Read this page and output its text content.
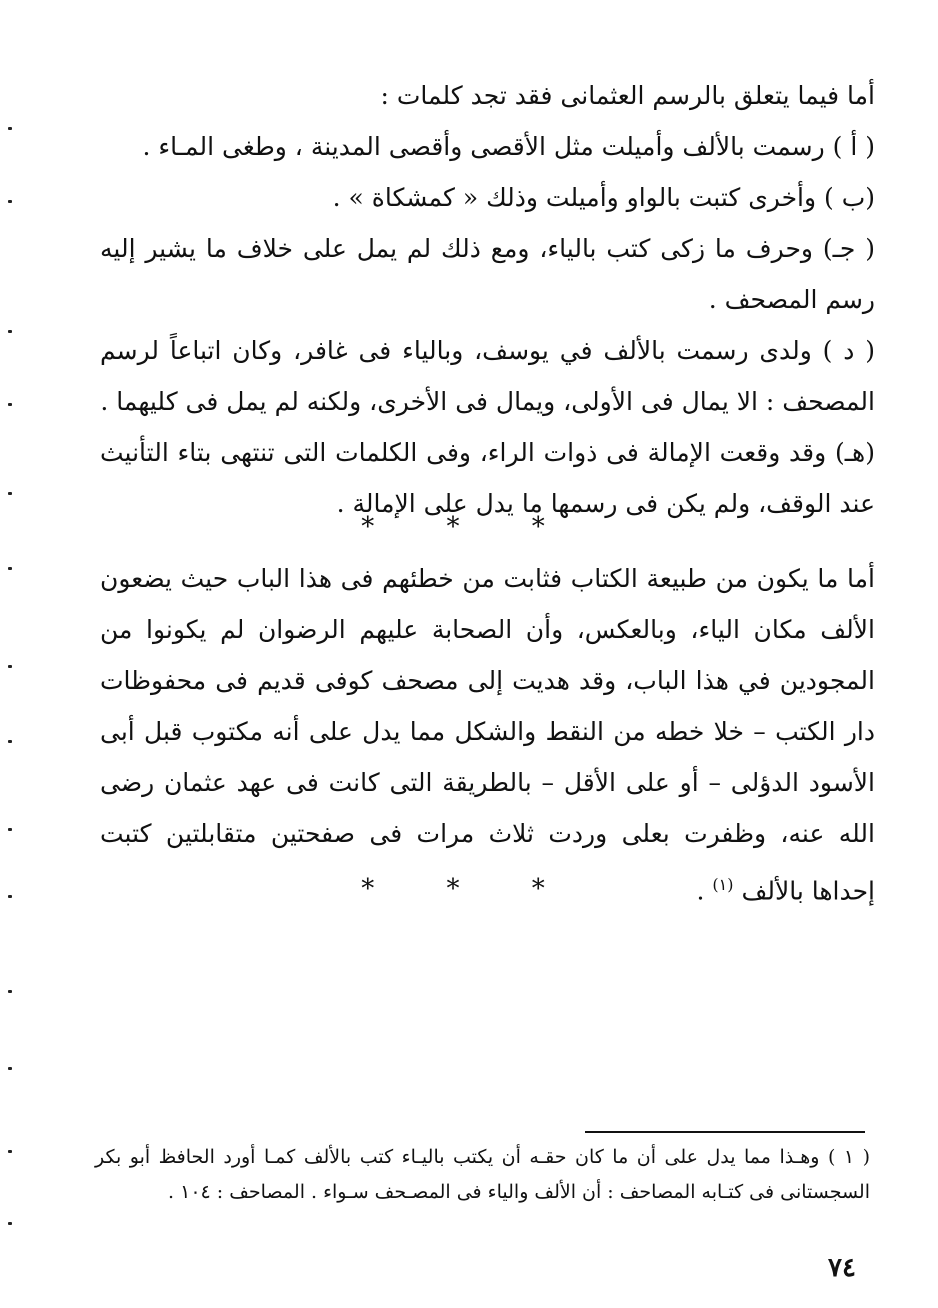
أما فيما يتعلق بالرسم العثمانى فقد تجد كلمات :
( أ ) رسمت بالألف وأميلت مثل الأقصى وأقصى المدينة ، وطغى المـاء .
(ب ) وأخرى كتبت بالواو وأميلت وذلك « كمشكاة » .
( جـ) وحرف ما زكى كتب بالياء، ومع ذلك لم يمل على خلاف ما يشير إليه رسم المصحف .
( د ) ولدى رسمت بالألف في يوسف، وبالياء فى غافر، وكان اتباعاً لرسم المصحف : الا يمال فى الأولى، ويمال فى الأخرى، ولكنه لم يمل فى كليهما .
(هـ) وقد وقعت الإمالة فى ذوات الراء، وفى الكلمات التى تنتهى بتاء التأنيث عند الوقف، ولم يكن فى رسمها ما يدل على الإمالة .
* * *
أما ما يكون من طبيعة الكتاب فثابت من خطئهم فى هذا الباب حيث يضعون الألف مكان الياء، وبالعكس، وأن الصحابة عليهم الرضوان لم يكونوا من المجودين في هذا الباب، وقد هديت إلى مصحف كوفى قديم فى محفوظات دار الكتب – خلا خطه من النقط والشكل مما يدل على أنه مكتوب قبل أبى الأسود الدؤلى – أو على الأقل – بالطريقة التى كانت فى عهد عثمان رضى الله عنه، وظفرت بعلى وردت ثلاث مرات فى صفحتين متقابلتين كتبت إحداها بالألف $^{(١)}$ .
* * *
( ١ ) وهـذا مما يدل على أن ما كان حقـه أن يكتب باليـاء كتب بالألف كمـا أورد الحافظ أبو بكر السجستانى فى كتـابه المصاحف : أن الألف والياء فى المصـحف سـواء . المصاحف : ١٠٤ .
٧٤
